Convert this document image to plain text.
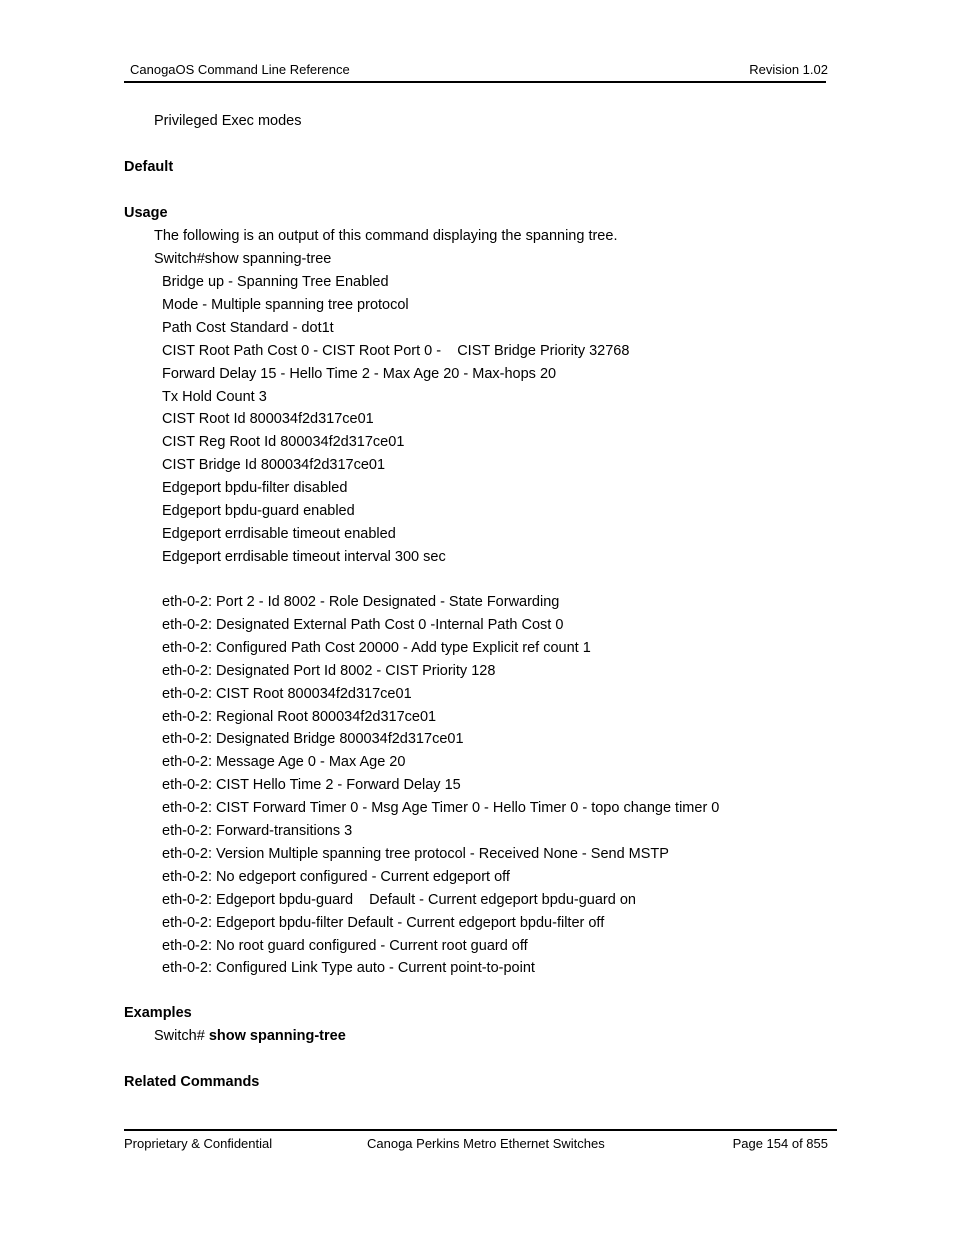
CanogaOS Command Line Reference	Revision 1.02
Privileged Exec modes
Default
Usage
The following is an output of this command displaying the spanning tree.
Switch#show spanning-tree
Bridge up - Spanning Tree Enabled
Mode - Multiple spanning tree protocol
Path Cost Standard - dot1t
CIST Root Path Cost 0 - CIST Root Port 0 -    CIST Bridge Priority 32768
Forward Delay 15 - Hello Time 2 - Max Age 20 - Max-hops 20
Tx Hold Count 3
CIST Root Id 800034f2d317ce01
CIST Reg Root Id 800034f2d317ce01
CIST Bridge Id 800034f2d317ce01
Edgeport bpdu-filter disabled
Edgeport bpdu-guard enabled
Edgeport errdisable timeout enabled
Edgeport errdisable timeout interval 300 sec
eth-0-2: Port 2 - Id 8002 - Role Designated - State Forwarding
eth-0-2: Designated External Path Cost 0 -Internal Path Cost 0
eth-0-2: Configured Path Cost 20000 - Add type Explicit ref count 1
eth-0-2: Designated Port Id 8002 - CIST Priority 128
eth-0-2: CIST Root 800034f2d317ce01
eth-0-2: Regional Root 800034f2d317ce01
eth-0-2: Designated Bridge 800034f2d317ce01
eth-0-2: Message Age 0 - Max Age 20
eth-0-2: CIST Hello Time 2 - Forward Delay 15
eth-0-2: CIST Forward Timer 0 - Msg Age Timer 0 - Hello Timer 0 - topo change timer 0
eth-0-2: Forward-transitions 3
eth-0-2: Version Multiple spanning tree protocol - Received None - Send MSTP
eth-0-2: No edgeport configured - Current edgeport off
eth-0-2: Edgeport bpdu-guard    Default - Current edgeport bpdu-guard on
eth-0-2: Edgeport bpdu-filter Default - Current edgeport bpdu-filter off
eth-0-2: No root guard configured - Current root guard off
eth-0-2: Configured Link Type auto - Current point-to-point
Examples
Switch# show spanning-tree
Related Commands
Proprietary & Confidential	Canoga Perkins Metro Ethernet Switches	Page 154 of 855
